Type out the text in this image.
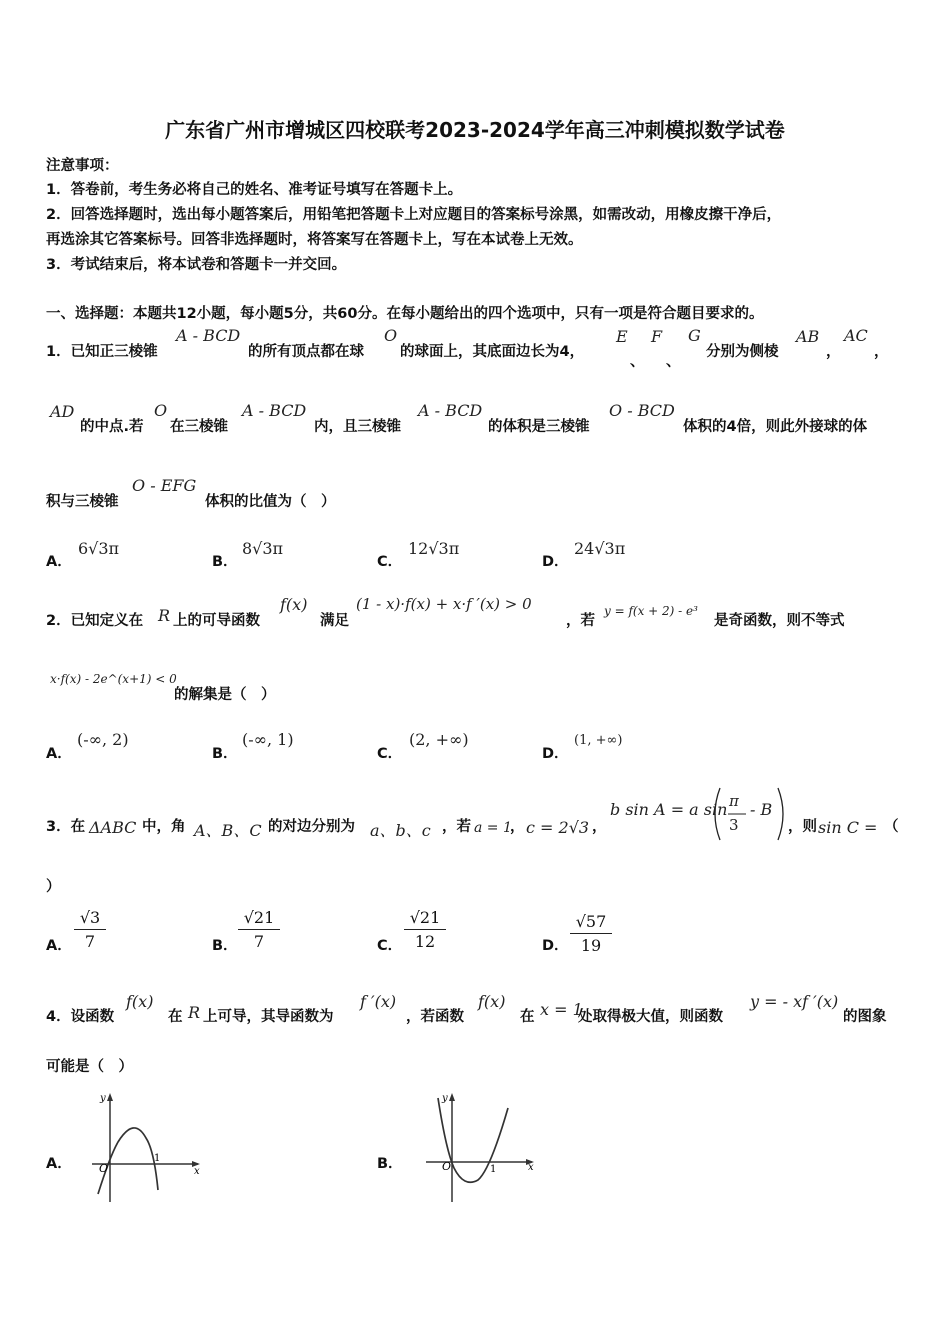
广东省广州市增城区四校联考2023-2024学年高三冲刺模拟数学试卷
注意事项：
1．答卷前，考生务必将自己的姓名、准考证号填写在答题卡上。
2．回答选择题时，选出每小题答案后，用铅笔把答题卡上对应题目的答案标号涂黑，如需改动，用橡皮擦干净后，
再选涂其它答案标号。回答非选择题时，将答案写在答题卡上，写在本试卷上无效。
3．考试结束后，将本试卷和答题卡一并交回。
一、选择题：本题共12小题，每小题5分，共60分。在每小题给出的四个选项中，只有一项是符合题目要求的。
1．已知正三棱锥
A - BCD
的所有顶点都在球
O
的球面上，其底面边长为4，
E
、
F
、
G
分别为侧棱
AB
，
AC
，
AD
的中点.若
O
在三棱锥
A - BCD
内，且三棱锥
A - BCD
的体积是三棱锥
O - BCD
体积的4倍，则此外接球的体
积与三棱锥
O - EFG
体积的比值为（　）
A．
6√3π
B．
8√3π
C．
12√3π
D．
24√3π
2．已知定义在 R 上的可导函数
f(x)
满足
(1 - x)·f(x) + x·f ′(x) > 0
，若
y = f(x + 2) - e³
是奇函数，则不等式
x·f(x) - 2e^(x+1) < 0
的解集是（　）
A．
(-∞, 2)
B．
(-∞, 1)
C．
(2, +∞)
D．
(1, +∞)
3．在 ΔABC 中，角 A、B、C 的对边分别为 a、b、c ，若 a = 1
， c = 2√3 ，
b sin A = a sin π
3
- B
，则 sin C = （
）
A．
√3
7	B．
√21
7	C．
√21
12	D．
√57
19
4．设函数
f(x)
在 R 上可导，其导函数为
f ′(x)
，若函数
f(x)
在 x = 1
处取得极大值，则函数
y = - xf ′(x)
的图象
可能是（　）
A．
y
x
O
1	B．
y
x
O	1
